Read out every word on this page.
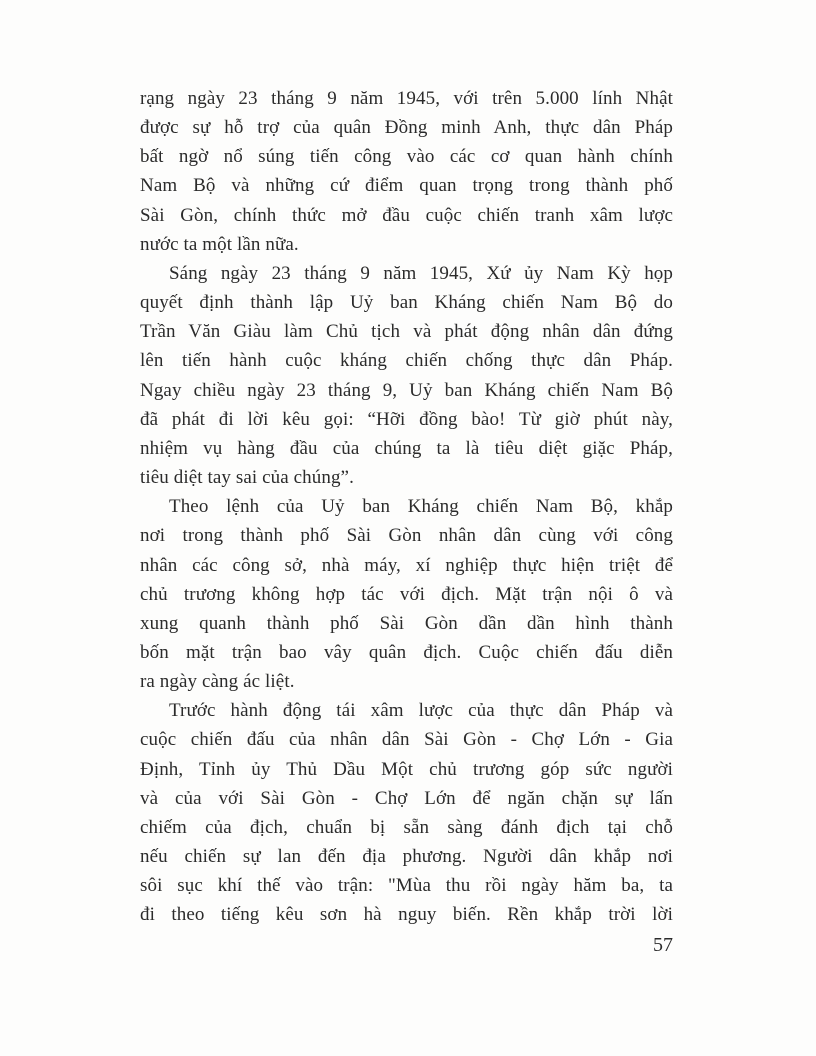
rạng ngày 23 tháng 9 năm 1945, với trên 5.000 lính Nhật
được sự hỗ trợ của quân Đồng minh Anh, thực dân Pháp
bất ngờ nổ súng tiến công vào các cơ quan hành chính
Nam Bộ và những cứ điểm quan trọng trong thành phố
Sài Gòn, chính thức mở đầu cuộc chiến tranh xâm lược
nước ta một lần nữa.
Sáng ngày 23 tháng 9 năm 1945, Xứ ủy Nam Kỳ họp
quyết định thành lập Uỷ ban Kháng chiến Nam Bộ do
Trần Văn Giàu làm Chủ tịch và phát động nhân dân đứng
lên tiến hành cuộc kháng chiến chống thực dân Pháp.
Ngay chiều ngày 23 tháng 9, Uỷ ban Kháng chiến Nam Bộ
đã phát đi lời kêu gọi: “Hỡi đồng bào! Từ giờ phút này,
nhiệm vụ hàng đầu của chúng ta là tiêu diệt giặc Pháp,
tiêu diệt tay sai của chúng”.
Theo lệnh của Uỷ ban Kháng chiến Nam Bộ, khắp
nơi trong thành phố Sài Gòn nhân dân cùng với công
nhân các công sở, nhà máy, xí nghiệp thực hiện triệt để
chủ trương không hợp tác với địch. Mặt trận nội ô và
xung quanh thành phố Sài Gòn dần dần hình thành
bốn mặt trận bao vây quân địch. Cuộc chiến đấu diễn
ra ngày càng ác liệt.
Trước hành động tái xâm lược của thực dân Pháp và
cuộc chiến đấu của nhân dân Sài Gòn - Chợ Lớn - Gia
Định, Tỉnh ủy Thủ Dầu Một chủ trương góp sức người
và của với Sài Gòn - Chợ Lớn để ngăn chặn sự lấn
chiếm của địch, chuẩn bị sẵn sàng đánh địch tại chỗ
nếu chiến sự lan đến địa phương. Người dân khắp nơi
sôi sục khí thế vào trận: "Mùa thu rồi ngày hăm ba, ta
đi theo tiếng kêu sơn hà nguy biến. Rền khắp trời lời
57
